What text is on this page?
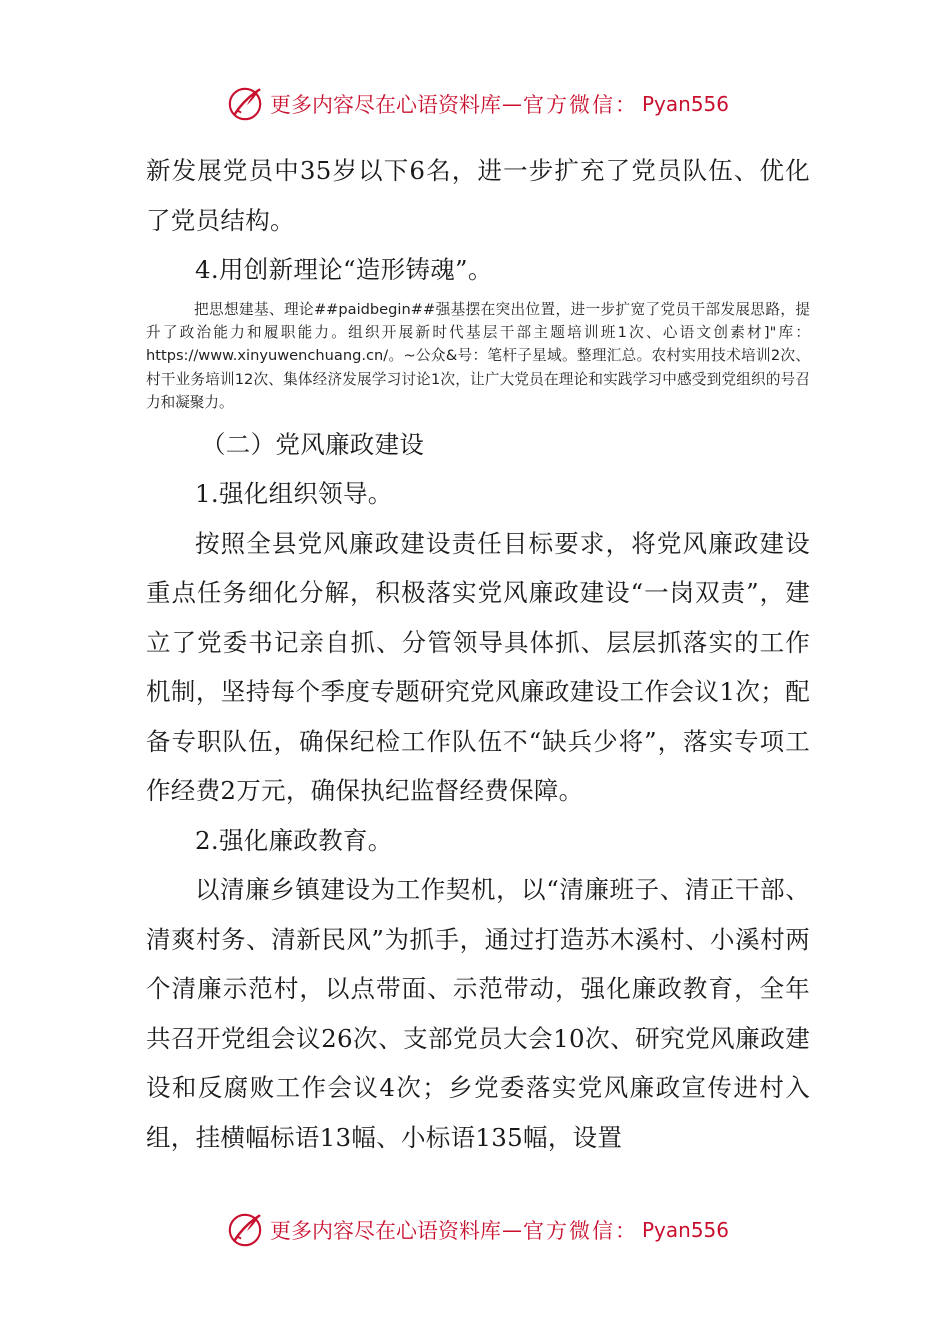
更多内容尽在心语资料库 — 官方微信： Pyan556

新发展党员中35岁以下6名，进一步扩充了党员队伍、优化了党员结构。

4.用创新理论“造形铸魂”。

把思想建基、理论##paidbegin##强基摆在突出位置，进一步扩宽了党员干部发展思路，提升了政治能力和履职能力。组织开展新时代基层干部主题培训班1次、心语文创素材]"库：https://www.xinyuwenchuang.cn/。~公众&号：笔杆子星域。整理汇总。农村实用技术培训2次、村干业务培训12次、集体经济发展学习讨论1次，让广大党员在理论和实践学习中感受到党组织的号召力和凝聚力。

（二）党风廉政建设

1.强化组织领导。

按照全县党风廉政建设责任目标要求，将党风廉政建设重点任务细化分解，积极落实党风廉政建设“一岗双责”，建立了党委书记亲自抓、分管领导具体抓、层层抓落实的工作机制，坚持每个季度专题研究党风廉政建设工作会议1次；配备专职队伍，确保纪检工作队伍不“缺兵少将”，落实专项工作经费2万元，确保执纪监督经费保障。

2.强化廉政教育。

以清廉乡镇建设为工作契机，以“清廉班子、清正干部、清爽村务、清新民风”为抓手，通过打造苏木溪村、小溪村两个清廉示范村，以点带面、示范带动，强化廉政教育，全年共召开党组会议26次、支部党员大会10次、研究党风廉政建设和反腐败工作会议4次；乡党委落实党风廉政宣传进村入组，挂横幅标语13幅、小标语135幅，设置

更多内容尽在心语资料库 — 官方微信： Pyan556
